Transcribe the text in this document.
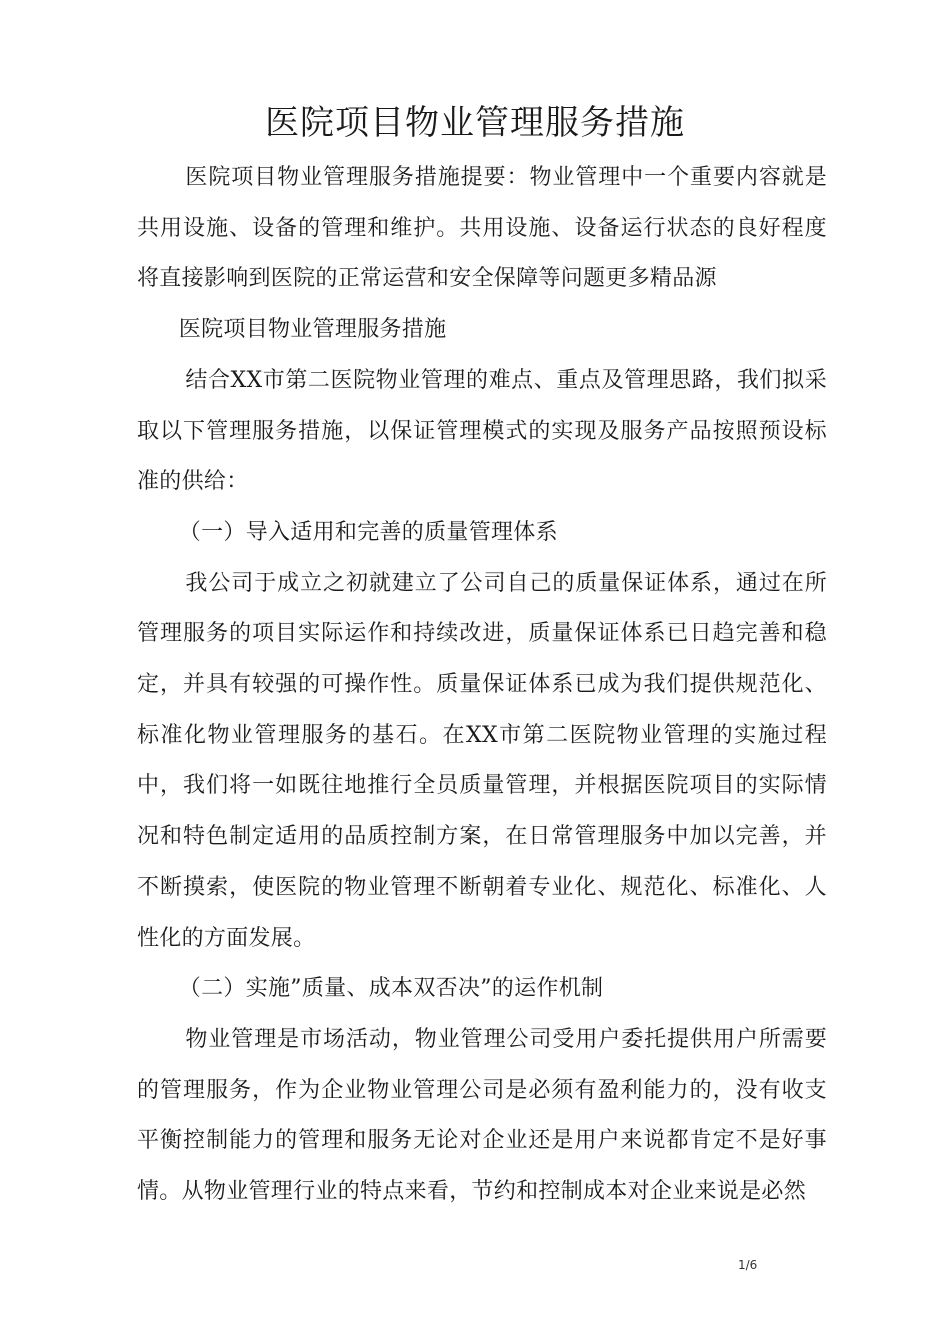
医院项目物业管理服务措施

医院项目物业管理服务措施提要：物业管理中一个重要内容就是共用设施、设备的管理和维护。共用设施、设备运行状态的良好程度将直接影响到医院的正常运营和安全保障等问题更多精品源

医院项目物业管理服务措施

结合XX市第二医院物业管理的难点、重点及管理思路，我们拟采取以下管理服务措施，以保证管理模式的实现及服务产品按照预设标准的供给：

（一）导入适用和完善的质量管理体系

我公司于成立之初就建立了公司自己的质量保证体系，通过在所管理服务的项目实际运作和持续改进，质量保证体系已日趋完善和稳定，并具有较强的可操作性。质量保证体系已成为我们提供规范化、标准化物业管理服务的基石。在XX市第二医院物业管理的实施过程中，我们将一如既往地推行全员质量管理，并根据医院项目的实际情况和特色制定适用的品质控制方案，在日常管理服务中加以完善，并不断摸索，使医院的物业管理不断朝着专业化、规范化、标准化、人性化的方面发展。

（二）实施”质量、成本双否决”的运作机制

物业管理是市场活动，物业管理公司受用户委托提供用户所需要的管理服务，作为企业物业管理公司是必须有盈利能力的，没有收支平衡控制能力的管理和服务无论对企业还是用户来说都肯定不是好事情。从物业管理行业的特点来看，节约和控制成本对企业来说是必然

1/6
